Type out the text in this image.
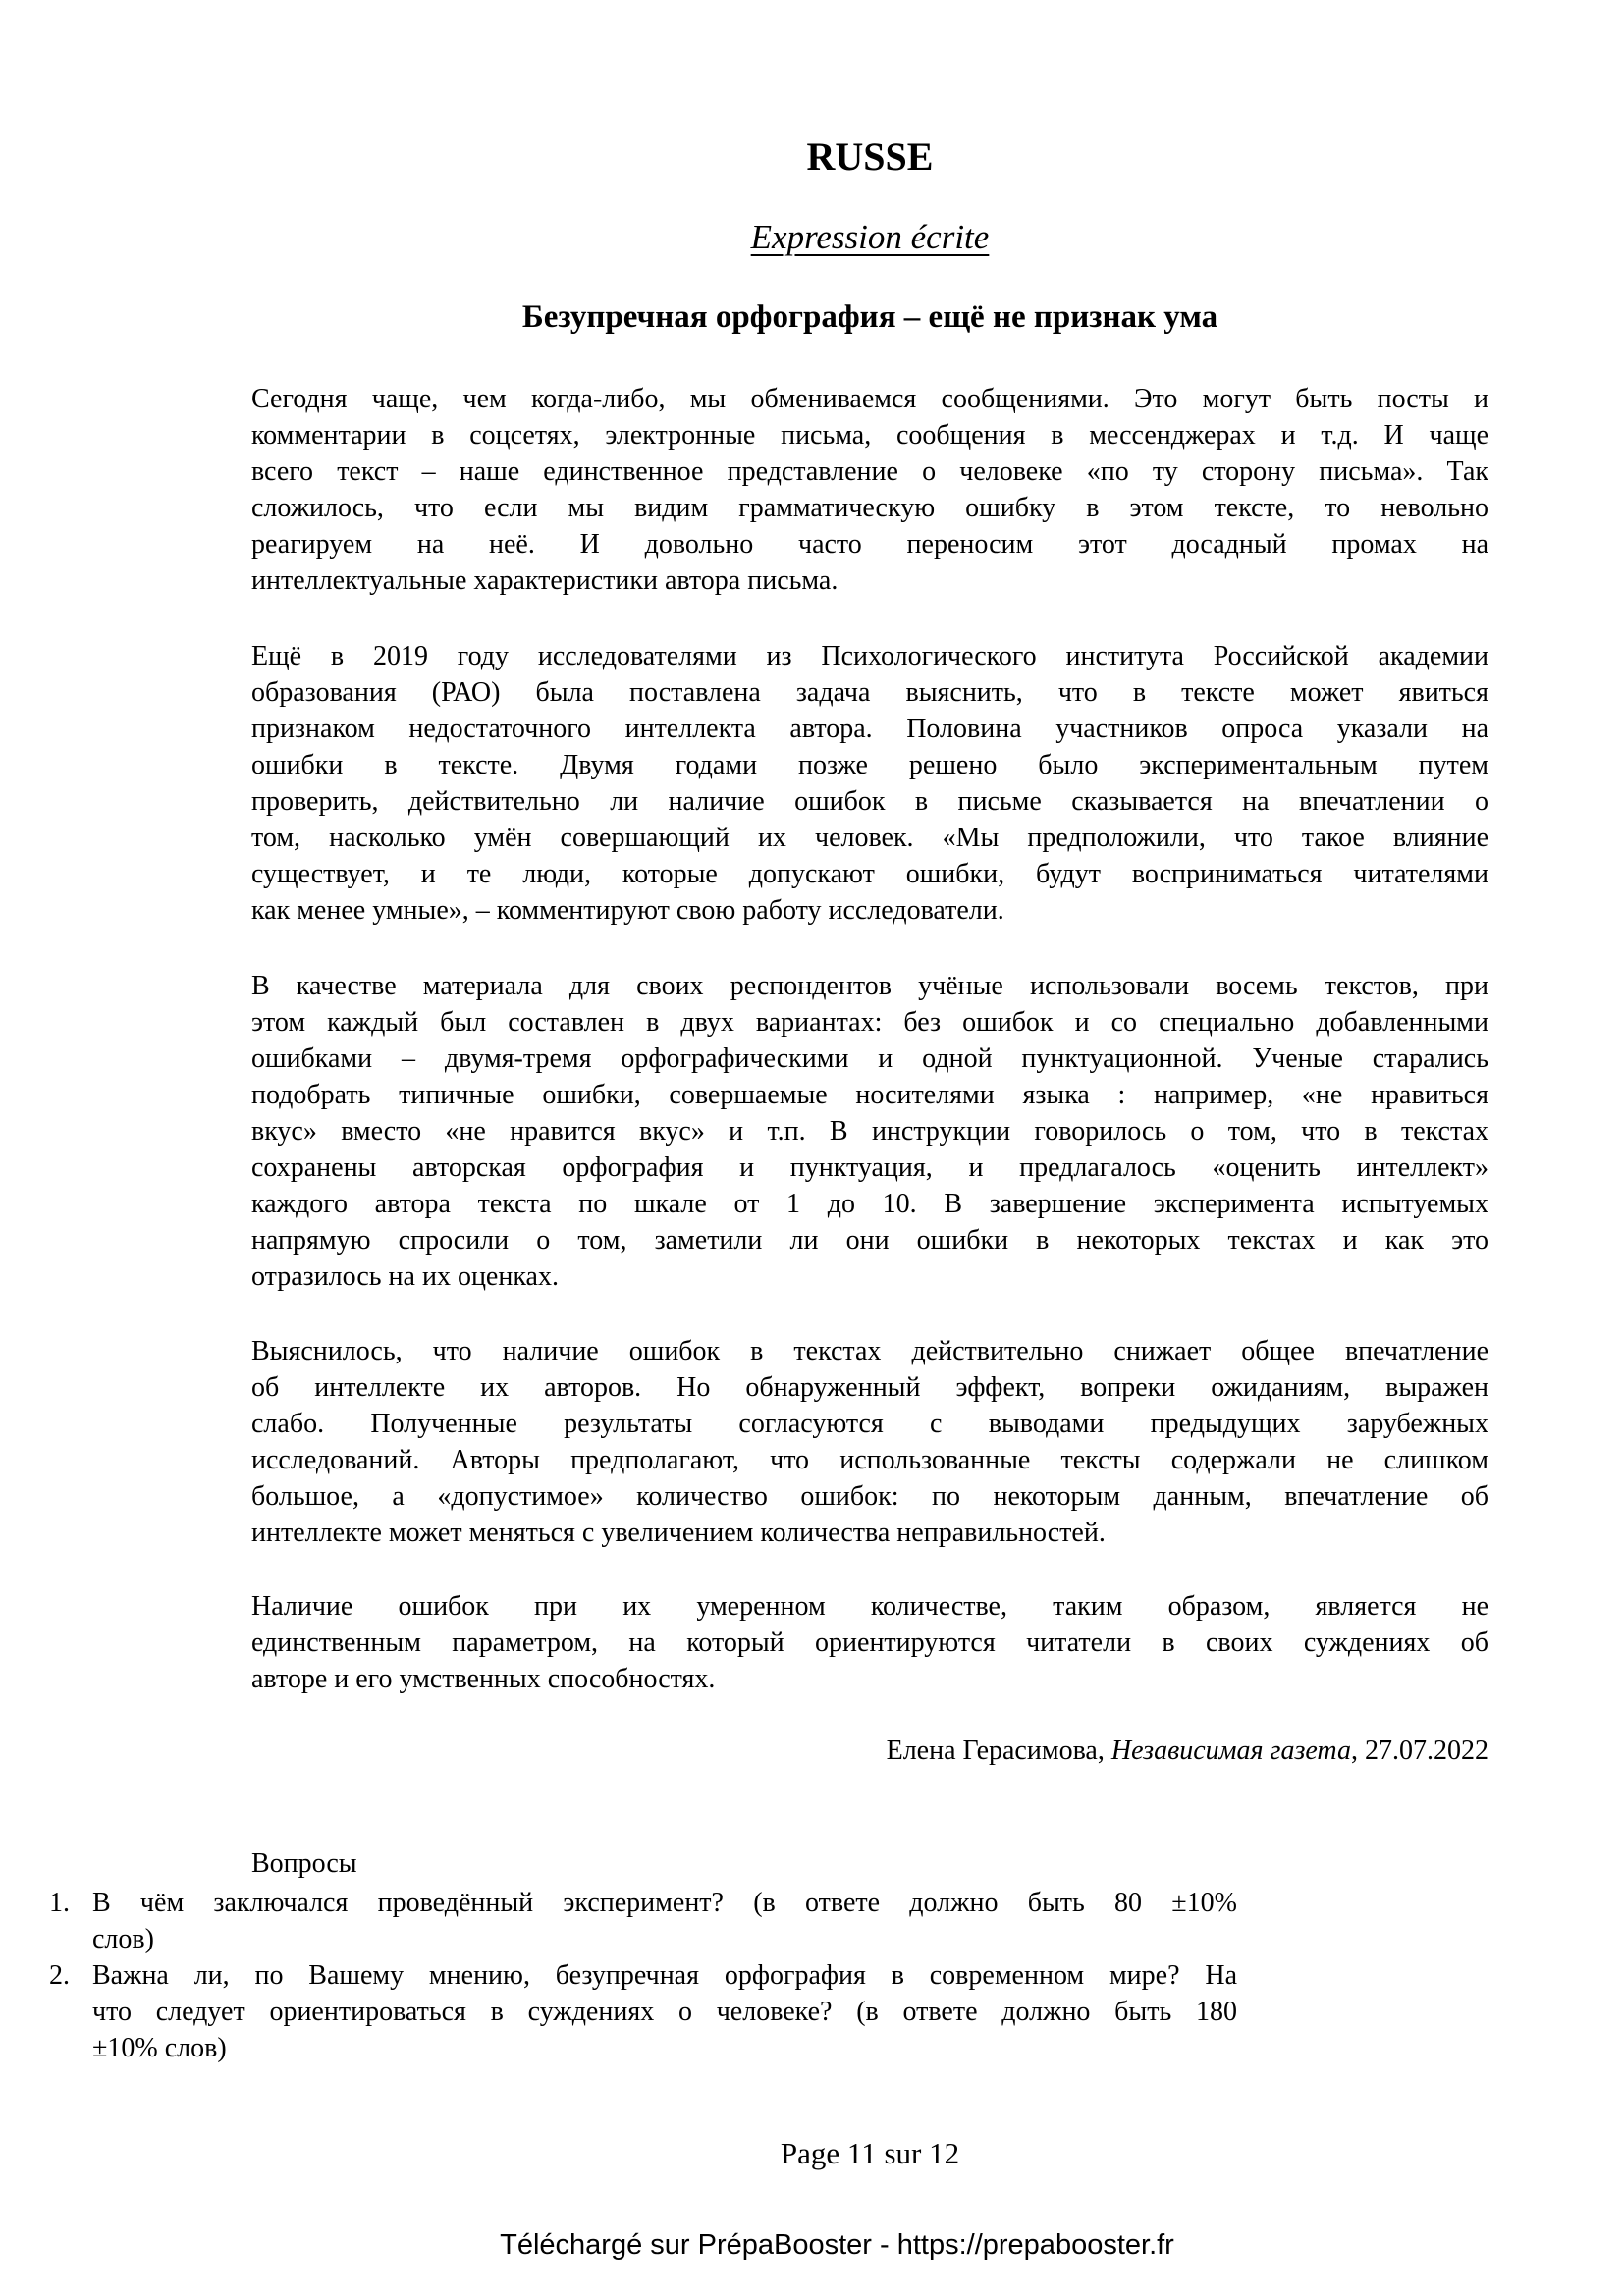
RUSSE
Expression écrite
Безупречная орфография – ещё не признак ума
Сегодня чаще, чем когда-либо, мы обмениваемся сообщениями. Это могут быть посты и
комментарии в соцсетях, электронные письма, сообщения в мессенджерах и т.д. И чаще
всего текст – наше единственное представление о человеке «по ту сторону письма». Так
сложилось, что если мы видим грамматическую ошибку в этом тексте, то невольно
реагируем на неё. И довольно часто переносим этот досадный промах на
интеллектуальные характеристики автора письма.
Ещё в 2019 году исследователями из Психологического института Российской академии
образования (РАО) была поставлена задача выяснить, что в тексте может явиться
признаком недостаточного интеллекта автора. Половина участников опроса указали на
ошибки в тексте. Двумя годами позже решено было экспериментальным путем
проверить, действительно ли наличие ошибок в письме сказывается на впечатлении о
том, насколько умён совершающий их человек. «Мы предположили, что такое влияние
существует, и те люди, которые допускают ошибки, будут восприниматься читателями
как менее умные», – комментируют свою работу исследователи.
В качестве материала для своих респондентов учёные использовали восемь текстов, при
этом каждый был составлен в двух вариантах: без ошибок и со специально добавленными
ошибками – двумя-тремя орфографическими и одной пунктуационной. Ученые старались
подобрать типичные ошибки, совершаемые носителями языка : например, «не нравиться
вкус» вместо «не нравится вкус» и т.п. В инструкции говорилось о том, что в текстах
сохранены авторская орфография и пунктуация, и предлагалось «оценить интеллект»
каждого автора текста по шкале от 1 до 10. В завершение эксперимента испытуемых
напрямую спросили о том, заметили ли они ошибки в некоторых текстах и как это
отразилось на их оценках.
Выяснилось, что наличие ошибок в текстах действительно снижает общее впечатление
об интеллекте их авторов. Но обнаруженный эффект, вопреки ожиданиям, выражен
слабо. Полученные результаты согласуются с выводами предыдущих зарубежных
исследований. Авторы предполагают, что использованные тексты содержали не слишком
большое, а «допустимое» количество ошибок: по некоторым данным, впечатление об
интеллекте может меняться с увеличением количества неправильностей.
Наличие ошибок при их умеренном количестве, таким образом, является не
единственным параметром, на который ориентируются читатели в своих суждениях об
авторе и его умственных способностях.
Елена Герасимова, Независимая газета, 27.07.2022
Вопросы
1. В чём заключался проведённый эксперимент? (в ответе должно быть 80 ±10%
слов)
2. Важна ли, по Вашему мнению, безупречная орфография в современном мире? На
что следует ориентироваться в суждениях о человеке? (в ответе должно быть 180
±10% слов)
Page 11 sur 12
Téléchargé sur PrépaBooster - https://prepabooster.fr
